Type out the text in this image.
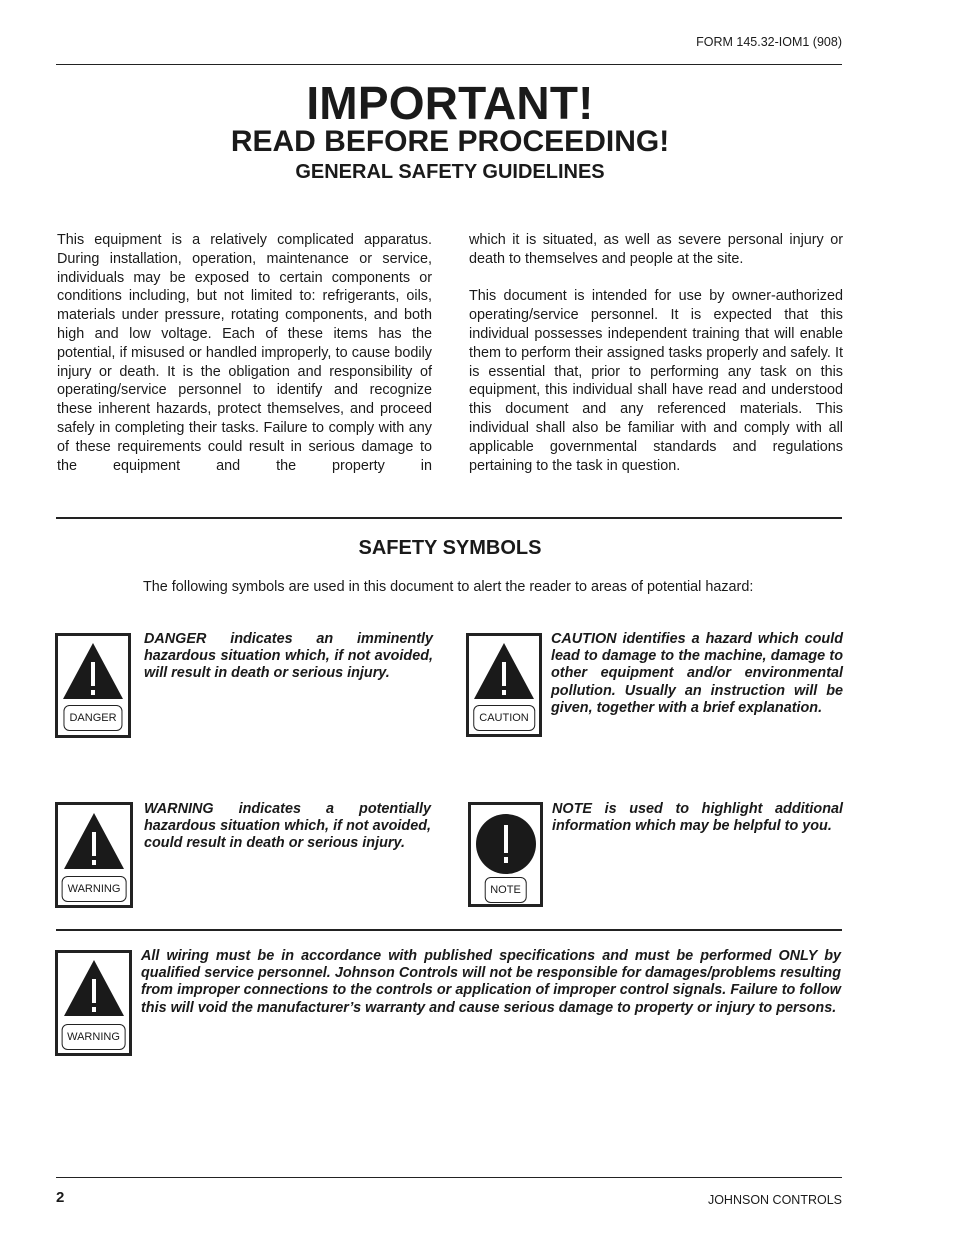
FORM 145.32-IOM1 (908)
IMPORTANT!
READ BEFORE PROCEEDING!
GENERAL SAFETY GUIDELINES

This equipment is a relatively complicated apparatus. During installation, operation, maintenance or service, individuals may be exposed to certain components or conditions including, but not limited to: refrigerants, oils, materials under pressure, rotating components, and both high and low voltage. Each of these items has the potential, if misused or handled improperly, to cause bodily injury or death. It is the obligation and responsibility of operating/service personnel to identify and recognize these inherent hazards, protect themselves, and proceed safely in completing their tasks. Failure to comply with any of these requirements could result in serious damage to the equipment and the property in

which it is situated, as well as severe personal injury or death to themselves and people at the site.

This document is intended for use by owner-authorized operating/service personnel. It is expected that this individual possesses independent training that will enable them to perform their assigned tasks properly and safely. It is essential that, prior to performing any task on this equipment, this individual shall have read and understood this document and any referenced materials. This individual shall also be familiar with and comply with all applicable governmental standards and regulations pertaining to the task in question.

SAFETY SYMBOLS
The following symbols are used in this document to alert the reader to areas of potential hazard:
DANGER

DANGER indicates an imminently hazardous situation which, if not avoided, will result in death or serious injury.

CAUTION

CAUTION identifies a hazard which could lead to damage to the machine, damage to other equipment and/or environmental pollution. Usually an instruction will be given, together with a brief explanation.

WARNING

WARNING indicates a potentially hazardous situation which, if not avoided, could result in death or serious injury.

NOTE

NOTE is used to highlight additional information which may be helpful to you.

WARNING

All wiring must be in accordance with published specifications and must be performed ONLY by qualified service personnel. Johnson Controls will not be responsible for damages/problems resulting from improper connections to the controls or application of improper control signals. Failure to follow this will void the manufacturer’s warranty and cause serious damage to property or injury to persons.

2	JOHNSON CONTROLS
